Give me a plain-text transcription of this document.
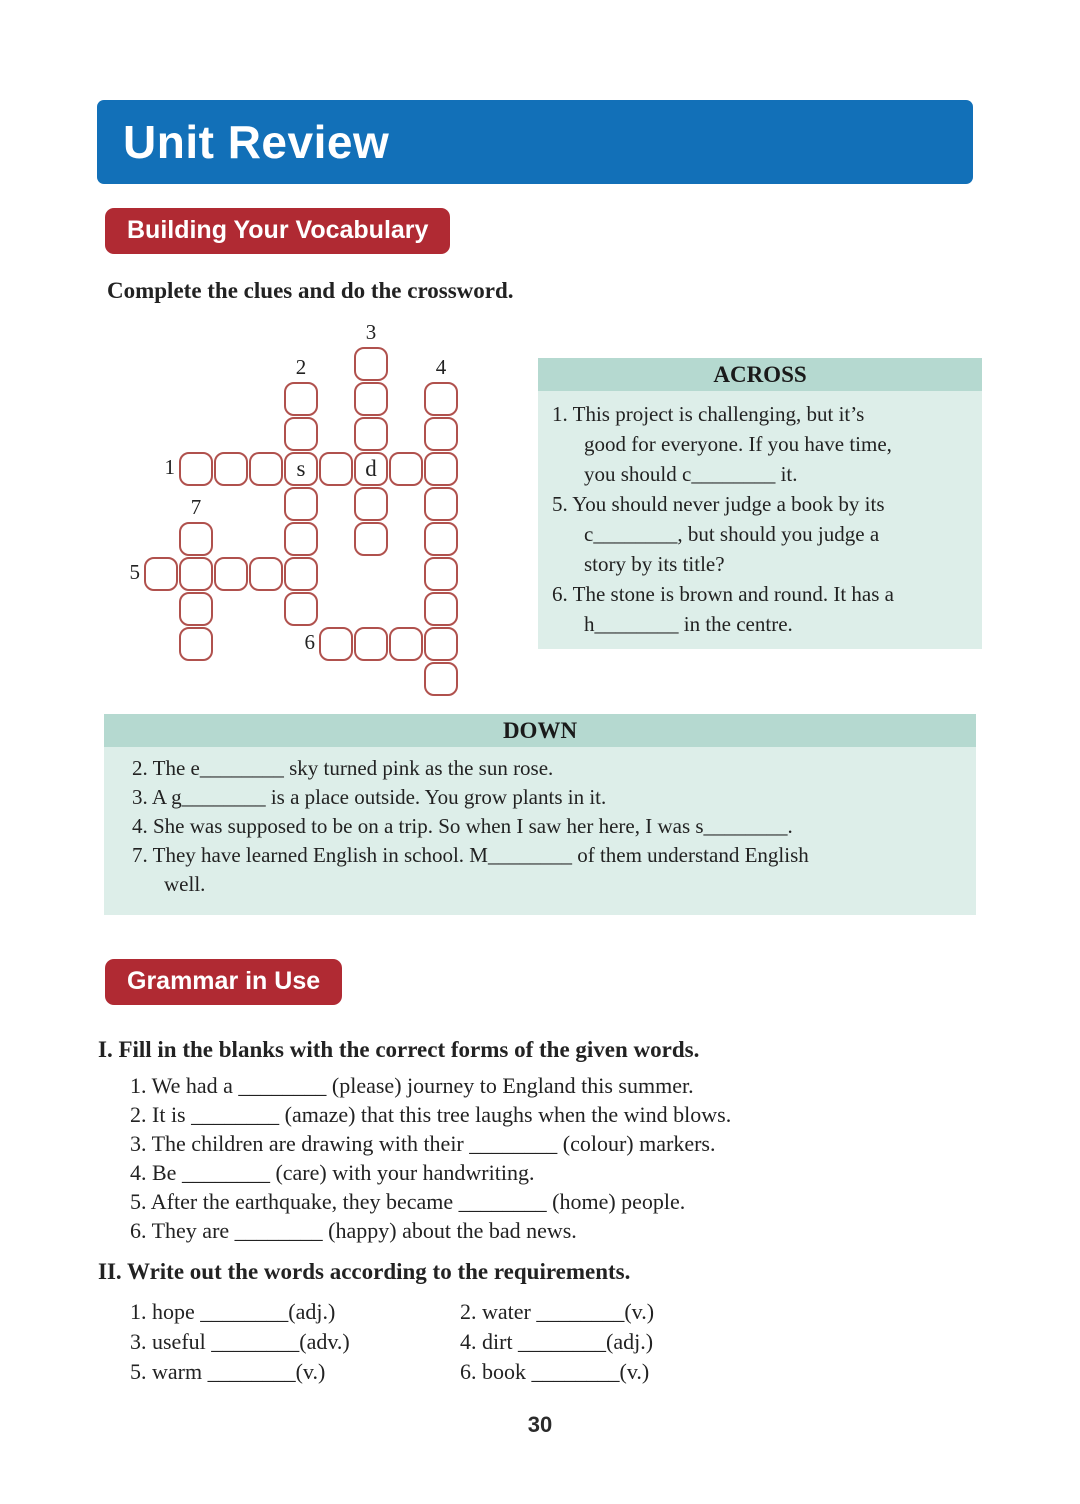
Unit Review
Building Your Vocabulary
Complete the clues and do the crossword.
s	d
1
2
3
4
5
6
7
ACROSS
1. This project is challenging, but it’s
good for everyone. If you have time,
you should c________ it.
5. You should never judge a book by its
c________, but should you judge a
story by its title?
6. The stone is brown and round. It has a
h________ in the centre.
DOWN
2. The e________ sky turned pink as the sun rose.
3. A g________ is a place outside. You grow plants in it.
4. She was supposed to be on a trip. So when I saw her here, I was s________.
7. They have learned English in school. M________ of them understand English
well.
Grammar in Use
I. Fill in the blanks with the correct forms of the given words.
1. We had a ________ (please) journey to England this summer.
2. It is ________ (amaze) that this tree laughs when the wind blows.
3. The children are drawing with their ________ (colour) markers.
4. Be ________ (care) with your handwriting.
5. After the earthquake, they became ________ (home) people.
6. They are ________ (happy) about the bad news.
II. Write out the words according to the requirements.
1. hope ________(adj.)
3. useful ________(adv.)
5. warm ________(v.)
2. water ________(v.)
4. dirt ________(adj.)
6. book ________(v.)
30
